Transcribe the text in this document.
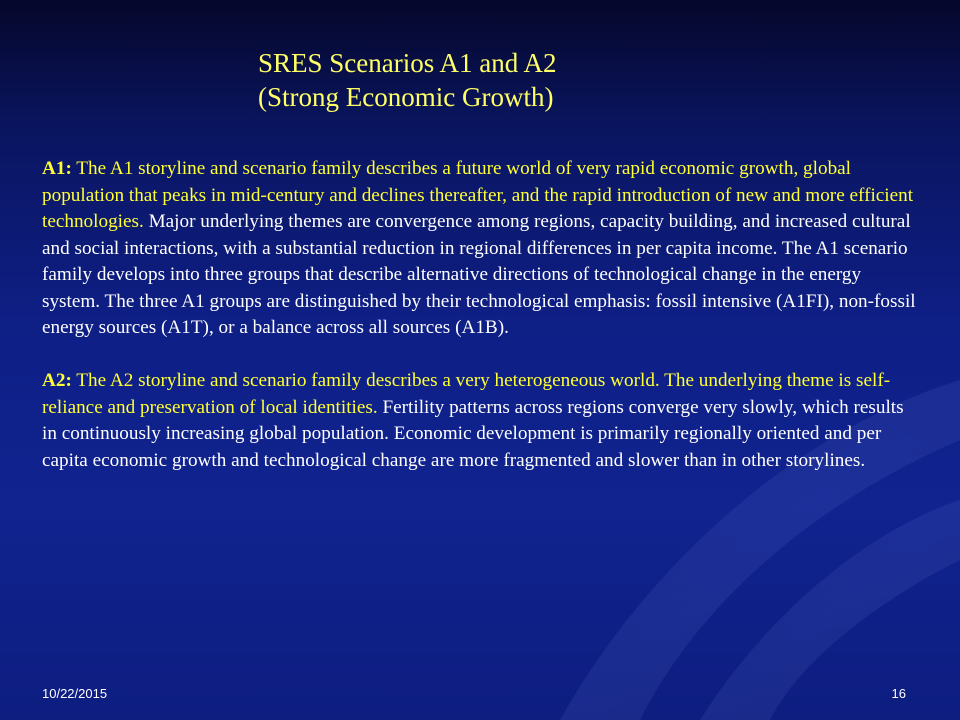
SRES Scenarios A1 and A2
(Strong Economic Growth)

A1: The A1 storyline and scenario family describes a future world of very rapid economic growth, global population that peaks in mid-century and declines thereafter, and the rapid introduction of new and more efficient technologies. Major underlying themes are convergence among regions, capacity building, and increased cultural and social interactions, with a substantial reduction in regional differences in per capita income. The A1 scenario family develops into three groups that describe alternative directions of technological change in the energy system. The three A1 groups are distinguished by their technological emphasis: fossil intensive (A1FI), non-fossil energy sources (A1T), or a balance across all sources (A1B).

A2: The A2 storyline and scenario family describes a very heterogeneous world. The underlying theme is self-reliance and preservation of local identities. Fertility patterns across regions converge very slowly, which results in continuously increasing global population. Economic development is primarily regionally oriented and per capita economic growth and technological change are more fragmented and slower than in other storylines.

10/22/2015	16
